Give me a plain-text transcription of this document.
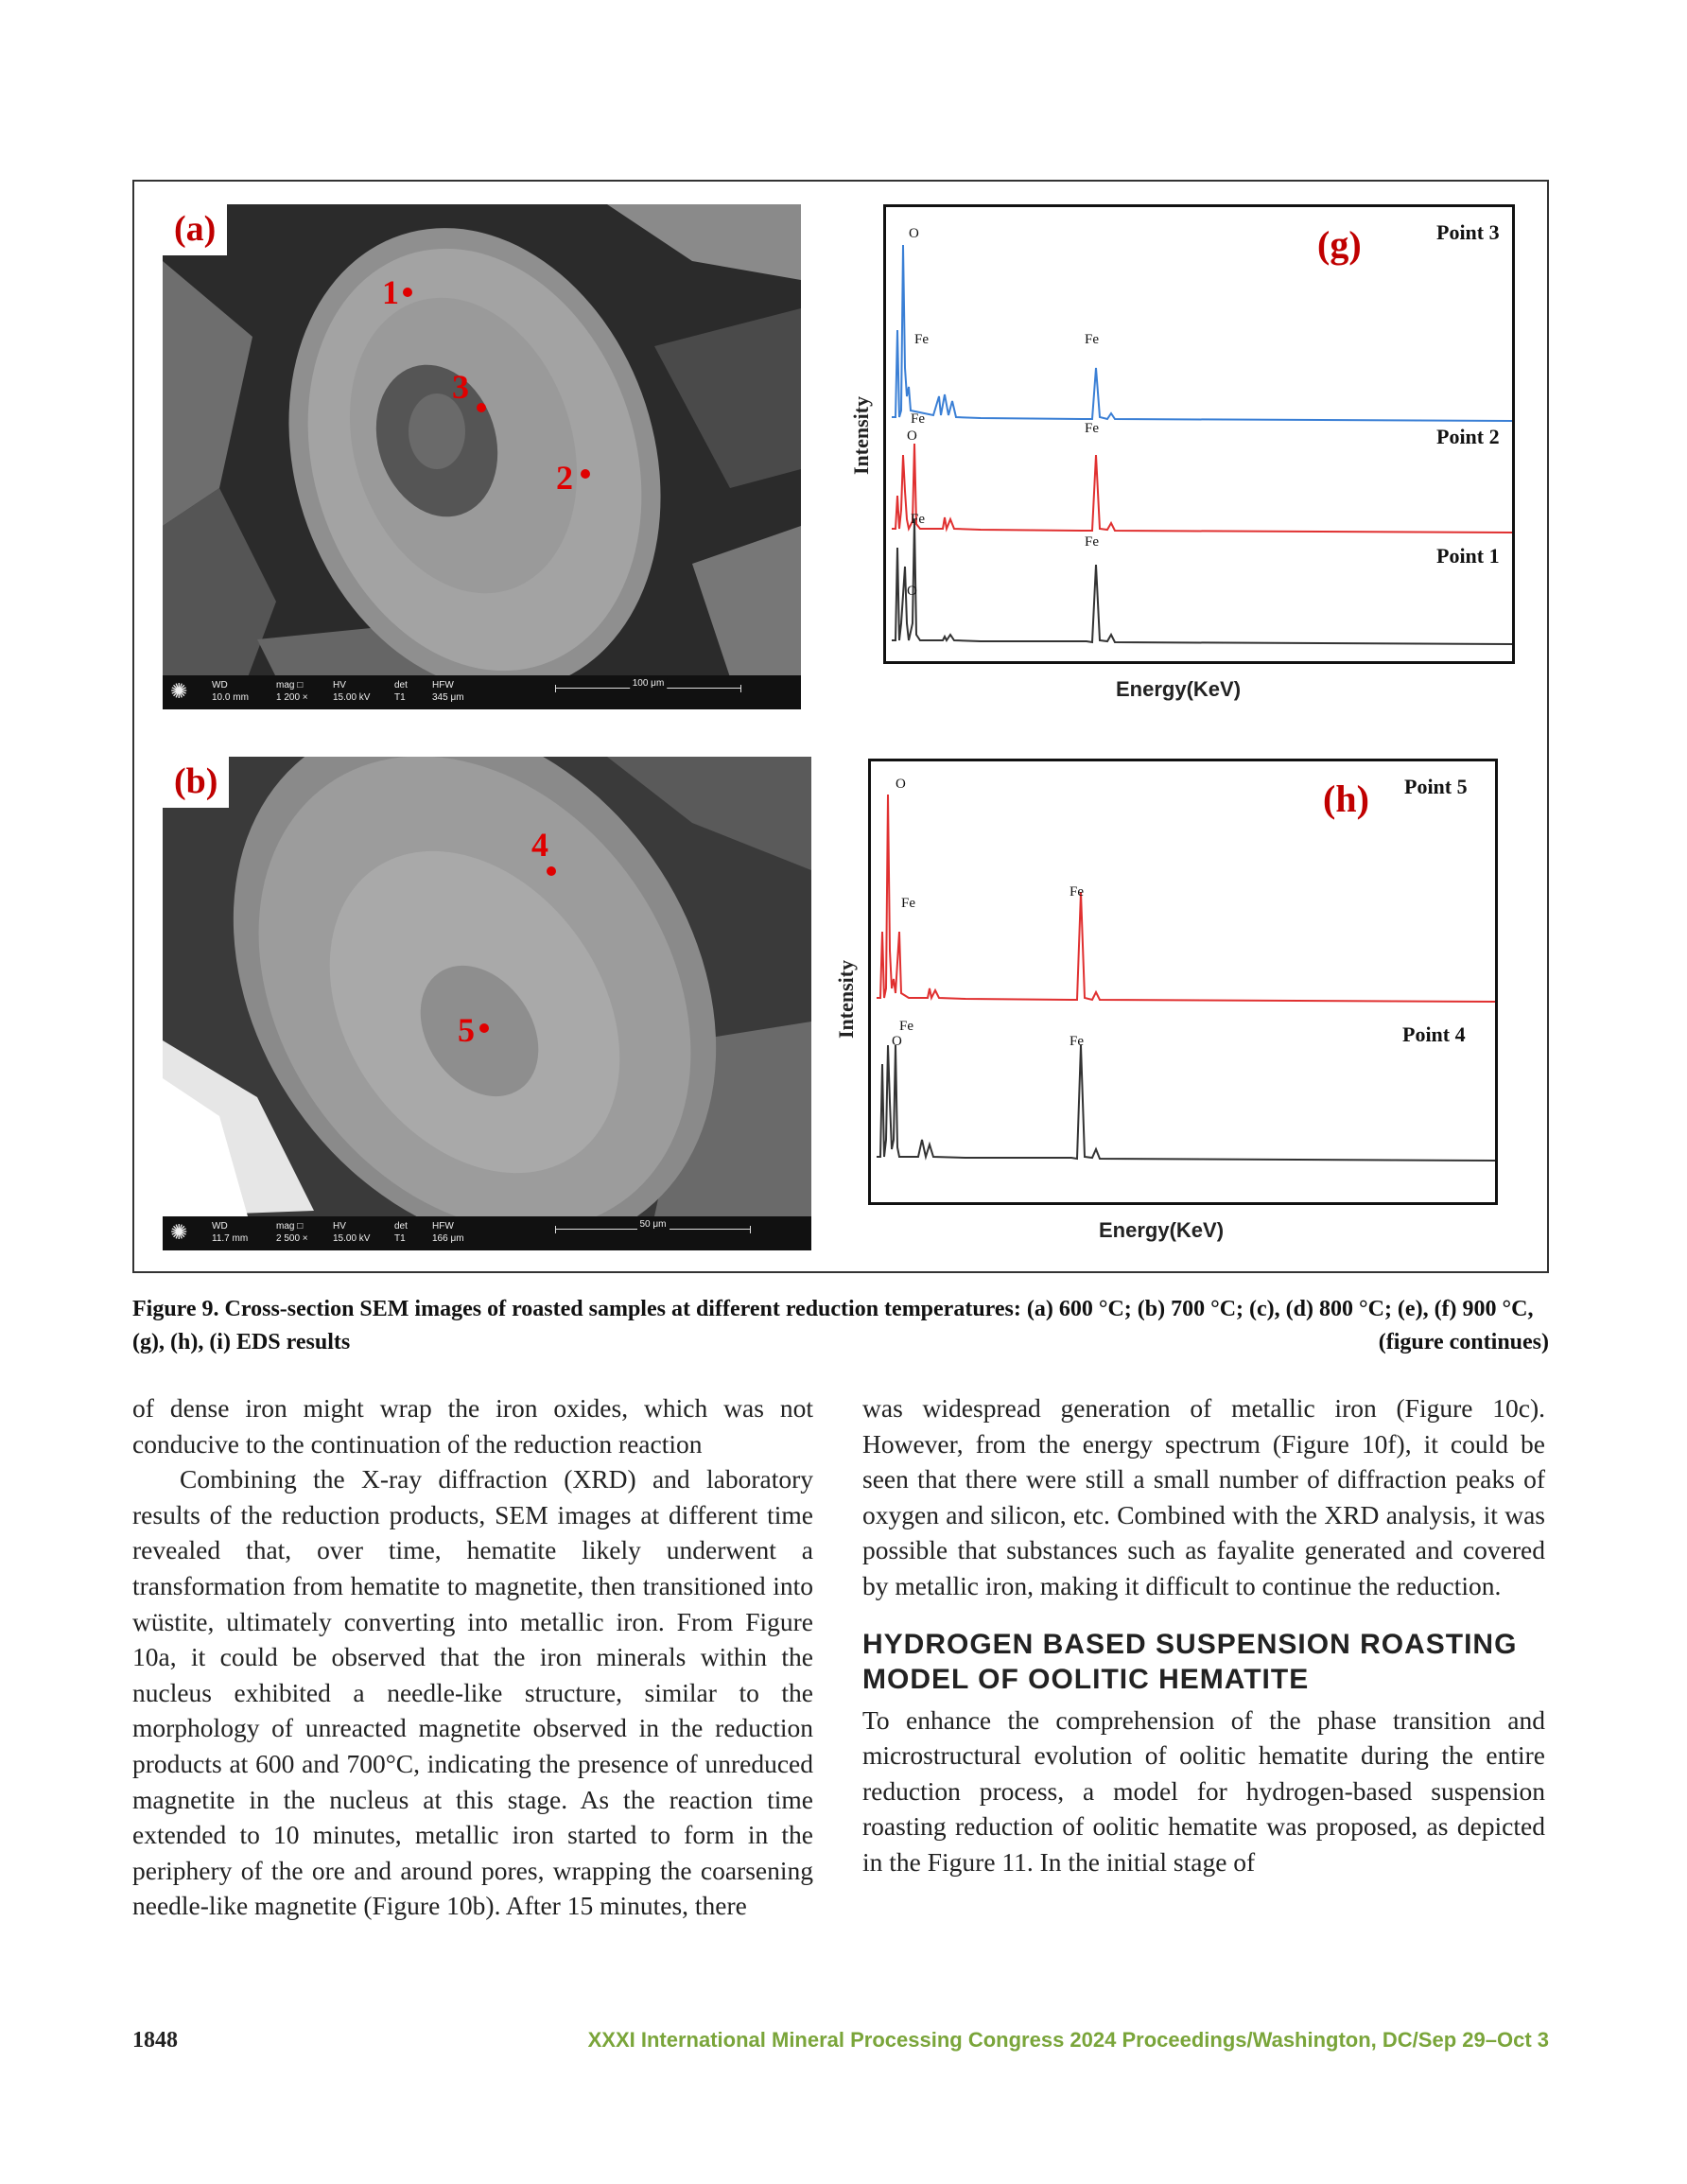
(a)
1
3
2
✺	WD
10.0 mm
mag □
1 200 ×
HV
15.00 kV
det
T1
HFW
345 μm
100 μm
(b)
4
5
✺	WD
11.7 mm
mag □
2 500 ×
HV
15.00 kV
det
T1
HFW
166 μm
50 μm
(g)	Point 3
Point 2
Point 1
O
Fe	Fe
Fe
O	Fe
Fe
O
Fe
Intensity
Energy(KeV)
(h) Point 5
Point 4
O
Fe
Fe
Fe
O	Fe
Intensity
Energy(KeV)
Figure 9. Cross-section SEM images of roasted samples at different reduction temperatures: (a) 600 °C; (b) 700 °C; (c), (d) 800 °C; (e), (f) 900 °C, (g), (h), (i) EDS results	(figure continues)

of dense iron might wrap the iron oxides, which was not conducive to the continuation of the reduction reaction

Combining the X-ray diffraction (XRD) and laboratory results of the reduction products, SEM images at different time revealed that, over time, hematite likely underwent a transformation from hematite to magnetite, then transitioned into wüstite, ultimately converting into metallic iron. From Figure 10a, it could be observed that the iron minerals within the nucleus exhibited a needle-like structure, similar to the morphology of unreacted magnetite observed in the reduction products at 600 and 700°C, indicating the presence of unreduced magnetite in the nucleus at this stage. As the reaction time extended to 10 minutes, metallic iron started to form in the periphery of the ore and around pores, wrapping the coarsening needle-like magnetite (Figure 10b). After 15 minutes, there

was widespread generation of metallic iron (Figure 10c). However, from the energy spectrum (Figure 10f), it could be seen that there were still a small number of diffraction peaks of oxygen and silicon, etc. Combined with the XRD analysis, it was possible that substances such as fayalite generated and covered by metallic iron, making it difficult to continue the reduction.

HYDROGEN BASED SUSPENSION ROASTING MODEL OF OOLITIC HEMATITE

To enhance the comprehension of the phase transition and microstructural evolution of oolitic hematite during the entire reduction process, a model for hydrogen-based suspension roasting reduction of oolitic hematite was proposed, as depicted in the Figure 11. In the initial stage of

1848	XXXI International Mineral Processing Congress 2024 Proceedings/Washington, DC/Sep 29–Oct 3
